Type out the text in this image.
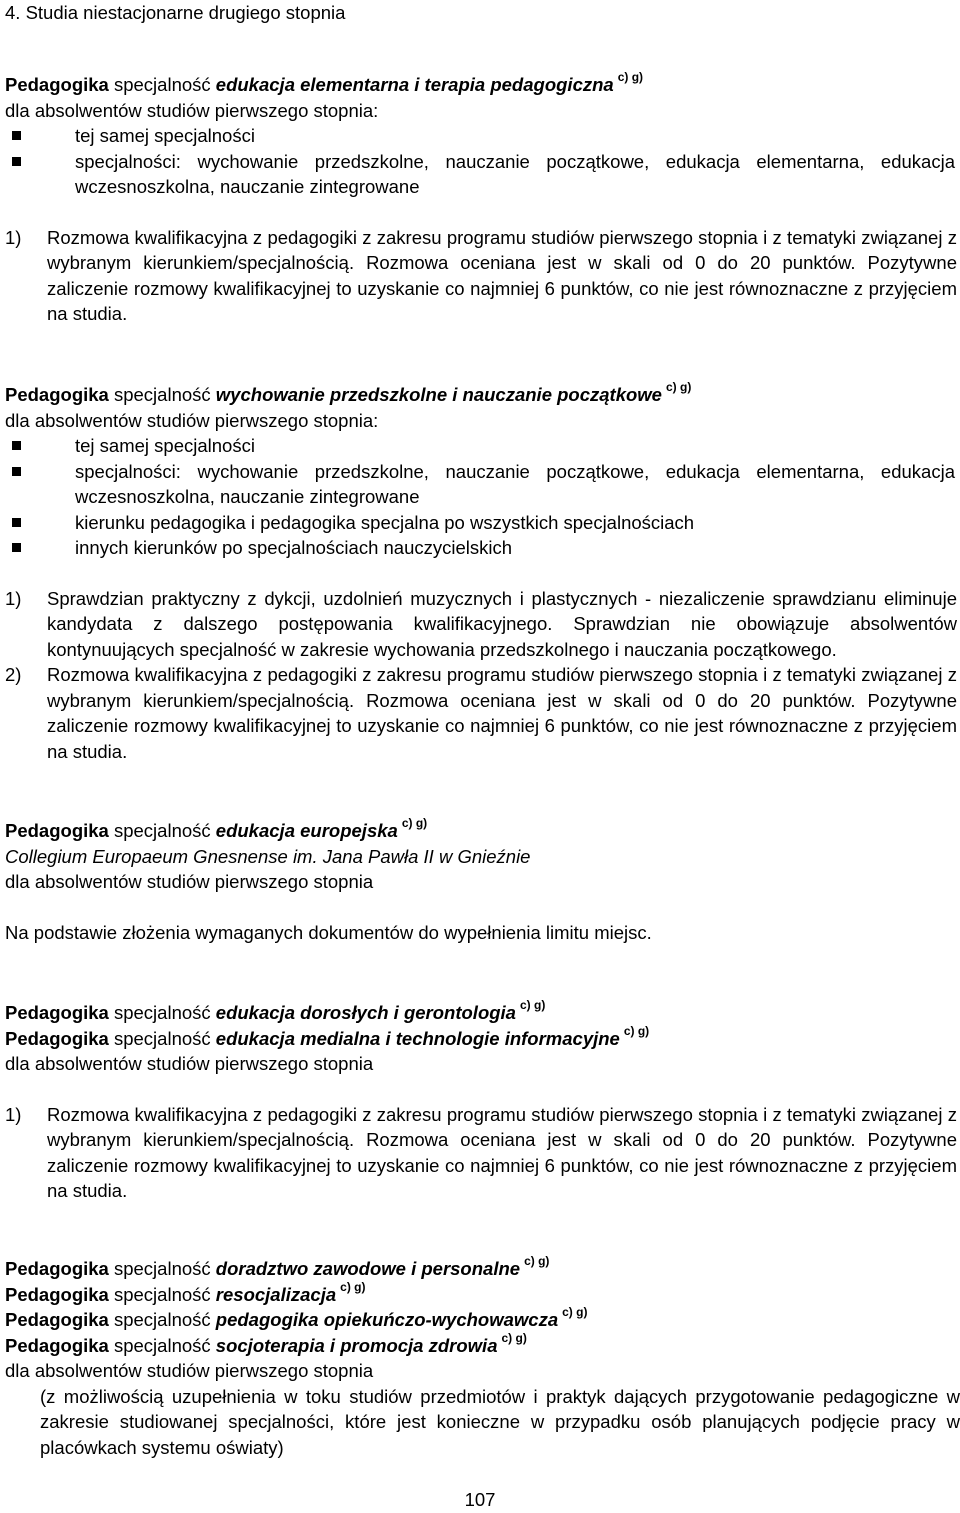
4. Studia niestacjonarne drugiego stopnia
Pedagogika specjalność edukacja elementarna i terapia pedagogiczna $^{c) g)}$
dla absolwentów studiów pierwszego stopnia:
tej samej specjalności
specjalności: wychowanie przedszkolne, nauczanie początkowe, edukacja elementarna, edukacja wczesnoszkolna, nauczanie zintegrowane
1) Rozmowa kwalifikacyjna z pedagogiki z zakresu programu studiów pierwszego stopnia i z tematyki związanej z wybranym kierunkiem/specjalnością. Rozmowa oceniana jest w skali od 0 do 20 punktów. Pozytywne zaliczenie rozmowy kwalifikacyjnej to uzyskanie co najmniej 6 punktów, co nie jest równoznaczne z przyjęciem na studia.
Pedagogika specjalność wychowanie przedszkolne i nauczanie początkowe $^{c) g)}$
dla absolwentów studiów pierwszego stopnia:
tej samej specjalności
specjalności: wychowanie przedszkolne, nauczanie początkowe, edukacja elementarna, edukacja wczesnoszkolna, nauczanie zintegrowane
kierunku pedagogika i pedagogika specjalna po wszystkich specjalnościach
innych kierunków po specjalnościach nauczycielskich
1) Sprawdzian praktyczny z dykcji, uzdolnień muzycznych i plastycznych - niezaliczenie sprawdzianu eliminuje kandydata z dalszego postępowania kwalifikacyjnego. Sprawdzian nie obowiązuje absolwentów kontynuujących specjalność w zakresie wychowania przedszkolnego i nauczania początkowego.
2) Rozmowa kwalifikacyjna z pedagogiki z zakresu programu studiów pierwszego stopnia i z tematyki związanej z wybranym kierunkiem/specjalnością. Rozmowa oceniana jest w skali od 0 do 20 punktów. Pozytywne zaliczenie rozmowy kwalifikacyjnej to uzyskanie co najmniej 6 punktów, co nie jest równoznaczne z przyjęciem na studia.
Pedagogika specjalność edukacja europejska $^{c) g)}$
Collegium Europaeum Gnesnense im. Jana Pawła II w Gnieźnie
dla absolwentów studiów pierwszego stopnia
Na podstawie złożenia wymaganych dokumentów do wypełnienia limitu miejsc.
Pedagogika specjalność edukacja dorosłych i gerontologia $^{c) g)}$
Pedagogika specjalność edukacja medialna i technologie informacyjne $^{c) g)}$
dla absolwentów studiów pierwszego stopnia
1) Rozmowa kwalifikacyjna z pedagogiki z zakresu programu studiów pierwszego stopnia i z tematyki związanej z wybranym kierunkiem/specjalnością. Rozmowa oceniana jest w skali od 0 do 20 punktów. Pozytywne zaliczenie rozmowy kwalifikacyjnej to uzyskanie co najmniej 6 punktów, co nie jest równoznaczne z przyjęciem na studia.
Pedagogika specjalność doradztwo zawodowe i personalne $^{c) g)}$
Pedagogika specjalność resocjalizacja $^{c) g)}$
Pedagogika specjalność pedagogika opiekuńczo-wychowawcza $^{c) g)}$
Pedagogika specjalność socjoterapia i promocja zdrowia $^{c) g)}$
dla absolwentów studiów pierwszego stopnia
(z możliwością uzupełnienia w toku studiów przedmiotów i praktyk dających przygotowanie pedagogiczne w zakresie studiowanej specjalności, które jest konieczne w przypadku osób planujących podjęcie pracy w placówkach systemu oświaty)
107
